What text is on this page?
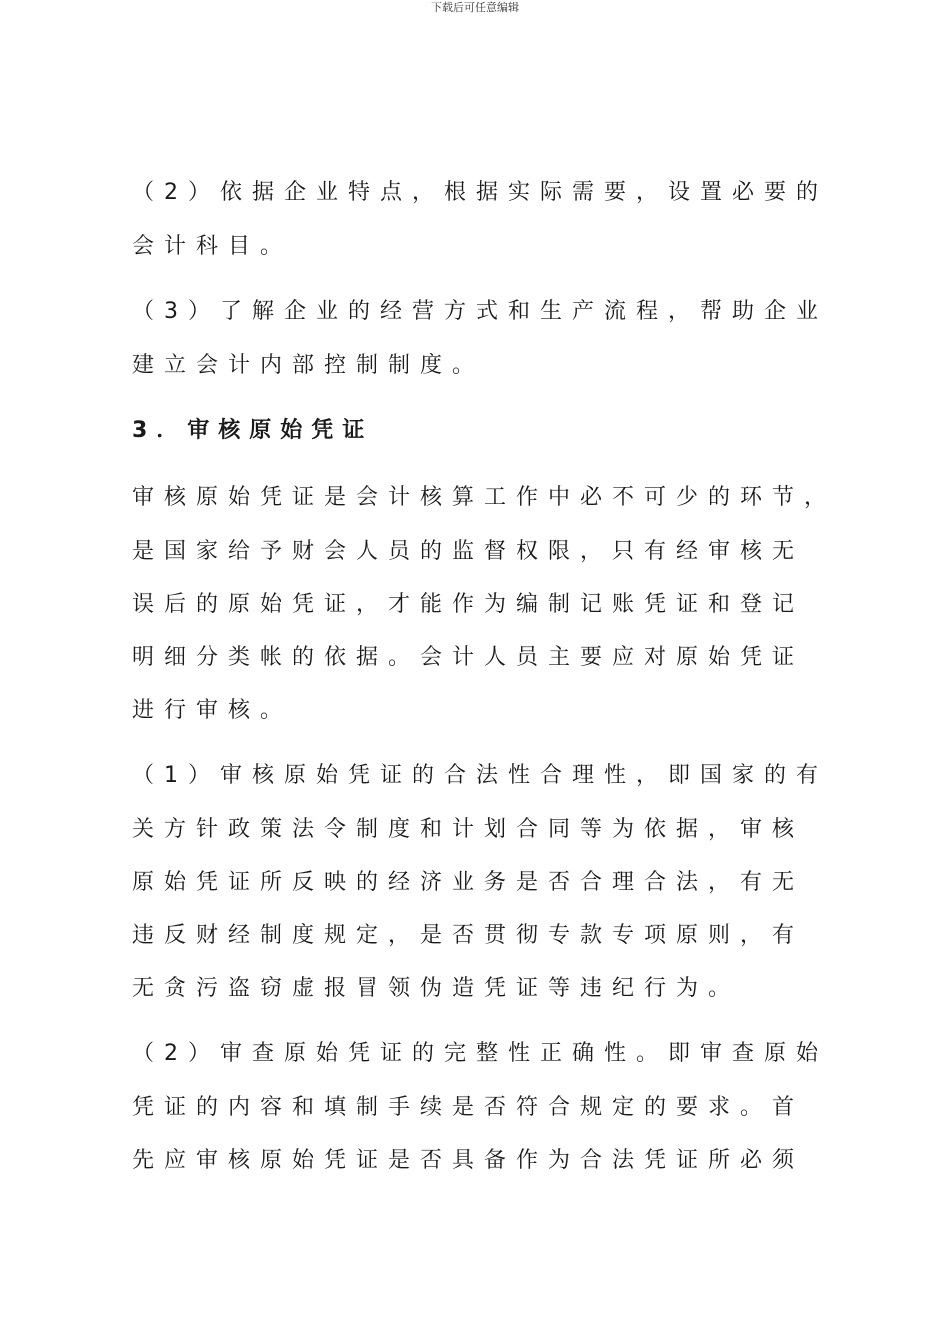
下载后可任意编辑
（2）依据企业特点，根据实际需要，设置必要的
会计科目。
（3）了解企业的经营方式和生产流程，帮助企业
建立会计内部控制制度。
3．审核原始凭证
审核原始凭证是会计核算工作中必不可少的环节，
是国家给予财会人员的监督权限，只有经审核无
误后的原始凭证，才能作为编制记账凭证和登记
明细分类帐的依据。会计人员主要应对原始凭证
进行审核。
（1）审核原始凭证的合法性合理性，即国家的有
关方针政策法令制度和计划合同等为依据，审核
原始凭证所反映的经济业务是否合理合法，有无
违反财经制度规定，是否贯彻专款专项原则，有
无贪污盗窃虚报冒领伪造凭证等违纪行为。
（2）审查原始凭证的完整性正确性。即审查原始
凭证的内容和填制手续是否符合规定的要求。首
先应审核原始凭证是否具备作为合法凭证所必须
